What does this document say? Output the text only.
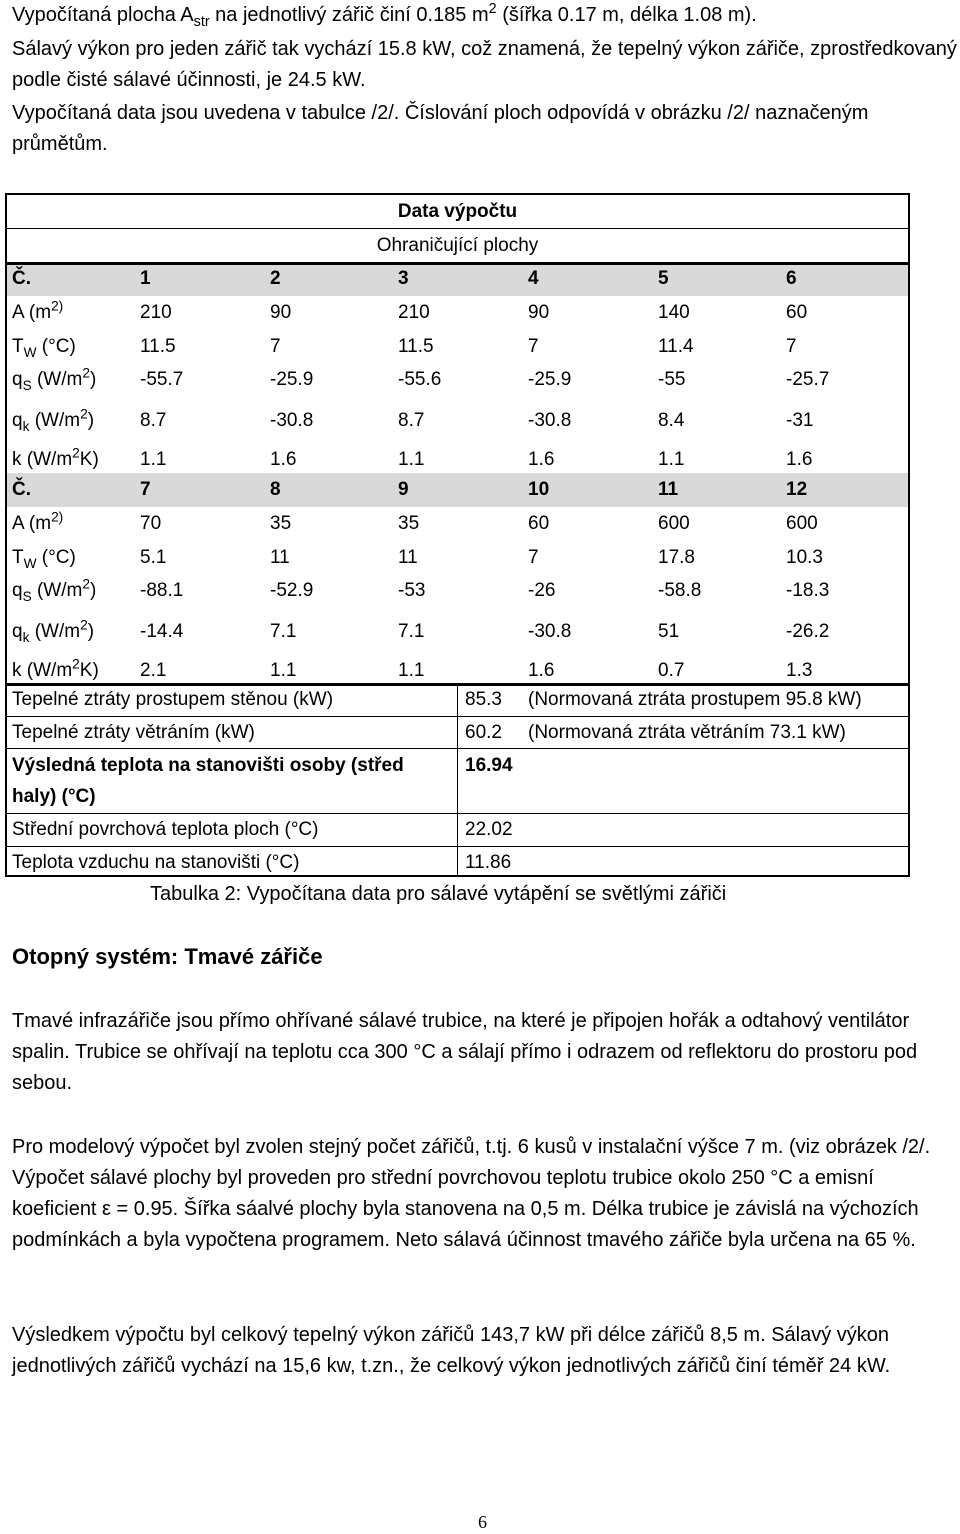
Vypočítaná plocha $A_{str}$ na jednotlivý zářič činí 0.185 $m^2$ (šířka 0.17 m, délka 1.08 m).
Sálavý výkon pro jeden zářič tak vychází 15.8 kW, což znamená, že tepelný výkon zářiče, zprostředkovaný podle čisté sálavé účinnosti, je 24.5 kW.
Vypočítaná data jsou uvedena v tabulce /2/. Číslování ploch odpovídá v obrázku /2/ naznačeným průmětům.
Data výpočtu
Ohraničující plochy
Č.	1	2	3	4	5	6
A ($m^{2)}$	210	90	210	90	140	60
$T_W$ (°C)	11.5	7	11.5	7	11.4	7
$q_S$ $(W/m^2)$ -55.7	-25.9	-55.6	-25.9	-55	-25.7
$q_k$ $(W/m^2)$ 8.7	-30.8	8.7	-30.8	8.4	-31
k $(W/m^2K)$ 1.1	1.6	1.1	1.6	1.1	1.6
Č.	7	8	9	10	11	12
A ($m^{2)}$	70	35	35	60	600	600
$T_W$ (°C)	5.1	11	11	7	17.8	10.3
$q_S$ $(W/m^2)$ -88.1	-52.9	-53	-26	-58.8	-18.3
$q_k$ $(W/m^2)$ -14.4	7.1	7.1	-30.8	51	-26.2
k $(W/m^2K)$ 2.1	1.1	1.1	1.6	0.7	1.3
Tepelné ztráty prostupem stěnou (kW)	85.3 (Normovaná ztráta prostupem 95.8 kW)
Tepelné ztráty větráním (kW)	60.2 (Normovaná ztráta větráním 73.1 kW)
Výsledná teplota na stanovišti osoby (střed
haly) (°C)
16.94
Střední povrchová teplota ploch (°C)	22.02
Teplota vzduchu na stanovišti (°C)	11.86
Tabulka 2: Vypočítana data pro sálavé vytápění se světlými zářiči
Otopný systém: Tmavé zářiče
Tmavé infrazářiče jsou přímo ohřívané sálavé trubice, na které je připojen hořák a odtahový ventilátor spalin. Trubice se ohřívají na teplotu cca 300 °C a sálají přímo i odrazem od reflektoru do prostoru pod sebou.
Pro modelový výpočet byl zvolen stejný počet zářičů, t.tj. 6 kusů v instalační výšce 7 m. (viz obrázek /2/. Výpočet sálavé plochy byl proveden pro střední povrchovou teplotu trubice okolo 250 °C a emisní koeficient ε = 0.95. Šířka sáalvé plochy byla stanovena na 0,5 m. Délka trubice je závislá na výchozích podmínkách a byla vypočtena programem. Neto sálavá účinnost tmavého zářiče byla určena na 65 %.
Výsledkem výpočtu byl celkový tepelný výkon zářičů 143,7 kW při délce zářičů 8,5 m. Sálavý výkon jednotlivých zářičů vychází na 15,6 kw, t.zn., že celkový výkon jednotlivých zářičů činí téměř 24 kW.
6
